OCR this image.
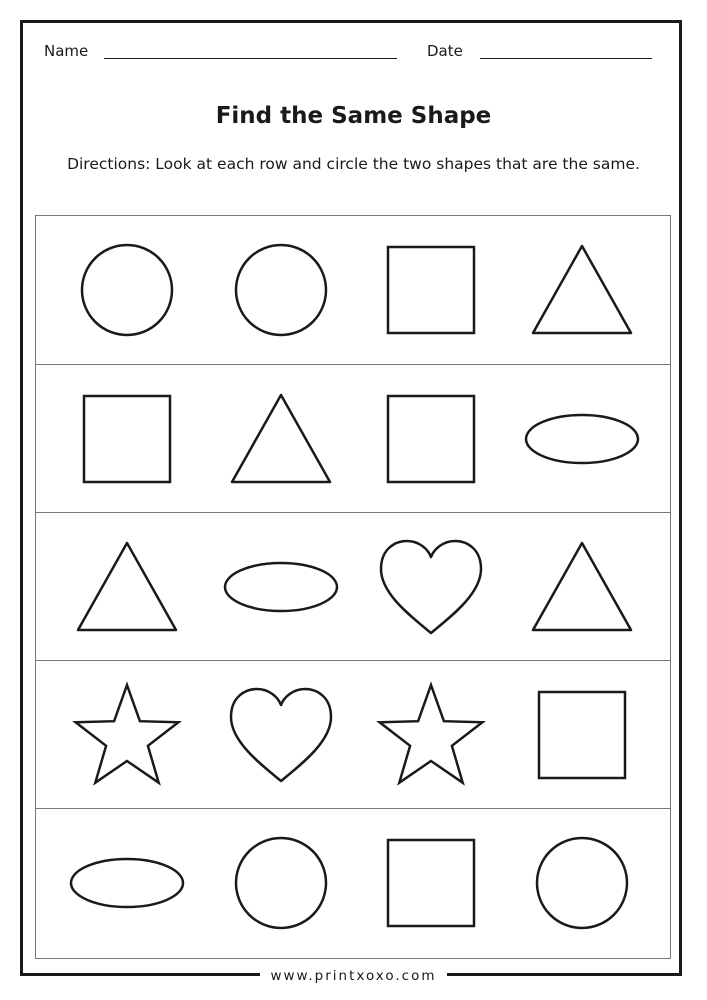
Name	Date
Find the Same Shape
Directions: Look at each row and circle the two shapes that are the same.
www.printxoxo.com
